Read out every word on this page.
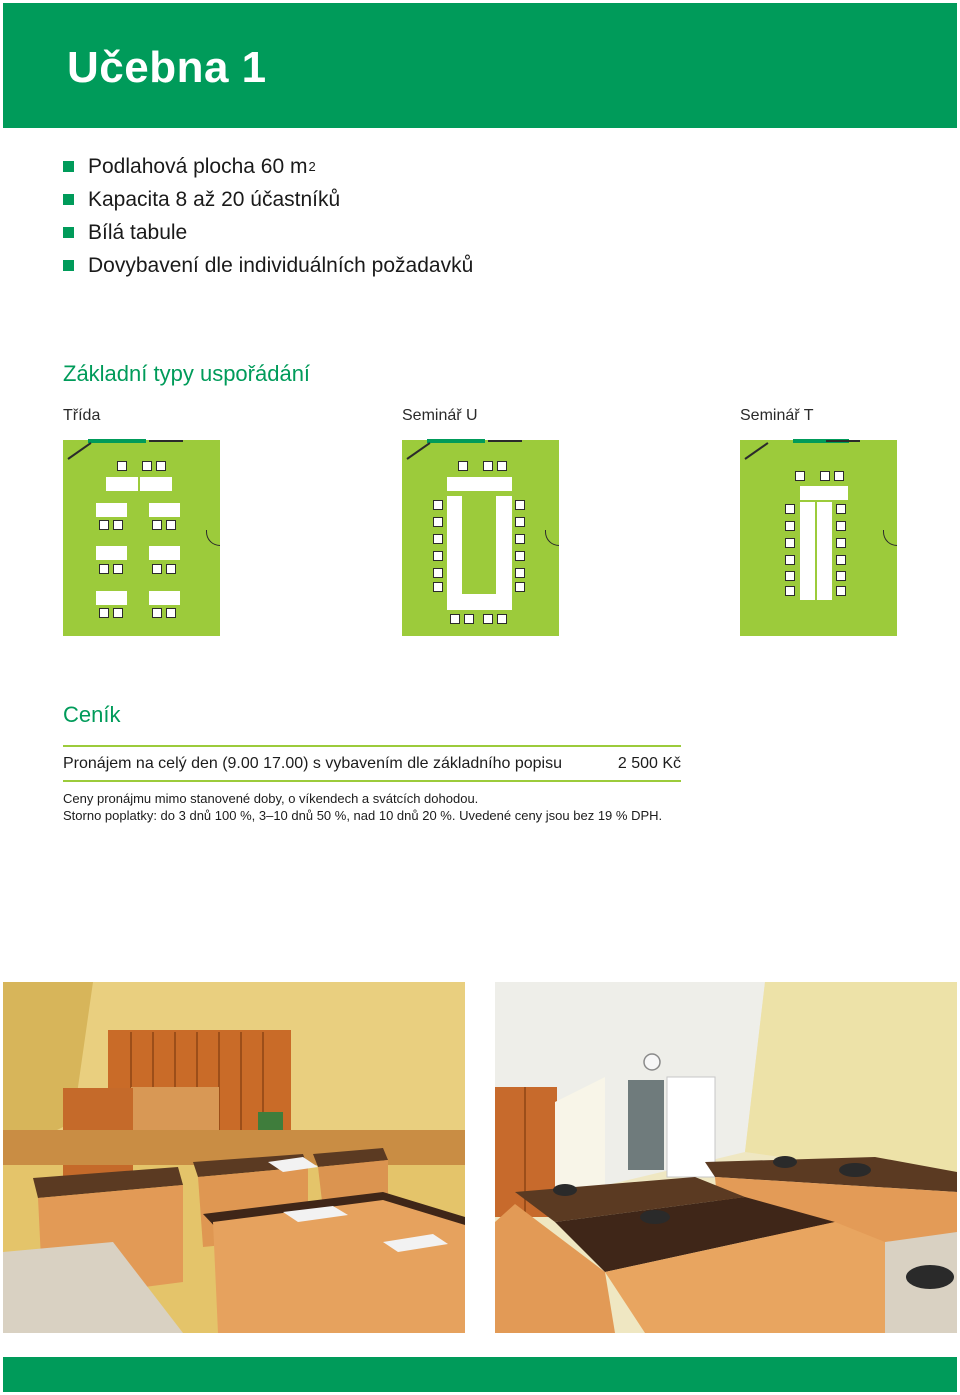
Učebna 1
Podlahová plocha 60 m 2
Kapacita 8 až 20 účastníků
Bílá tabule
Dovybavení dle individuálních požadavků
Základní typy uspořádání
Třída	Seminář U	Seminář T
Ceník
Pronájem na celý den (9.00 17.00) s vybavením dle základního popisu	2 500 Kč
Ceny pronájmu mimo stanovené doby, o víkendech a svátcích dohodou.
Storno poplatky: do 3 dnů 100 %, 3–10 dnů 50 %, nad 10 dnů 20 %. Uvedené ceny jsou bez 19 % DPH.
